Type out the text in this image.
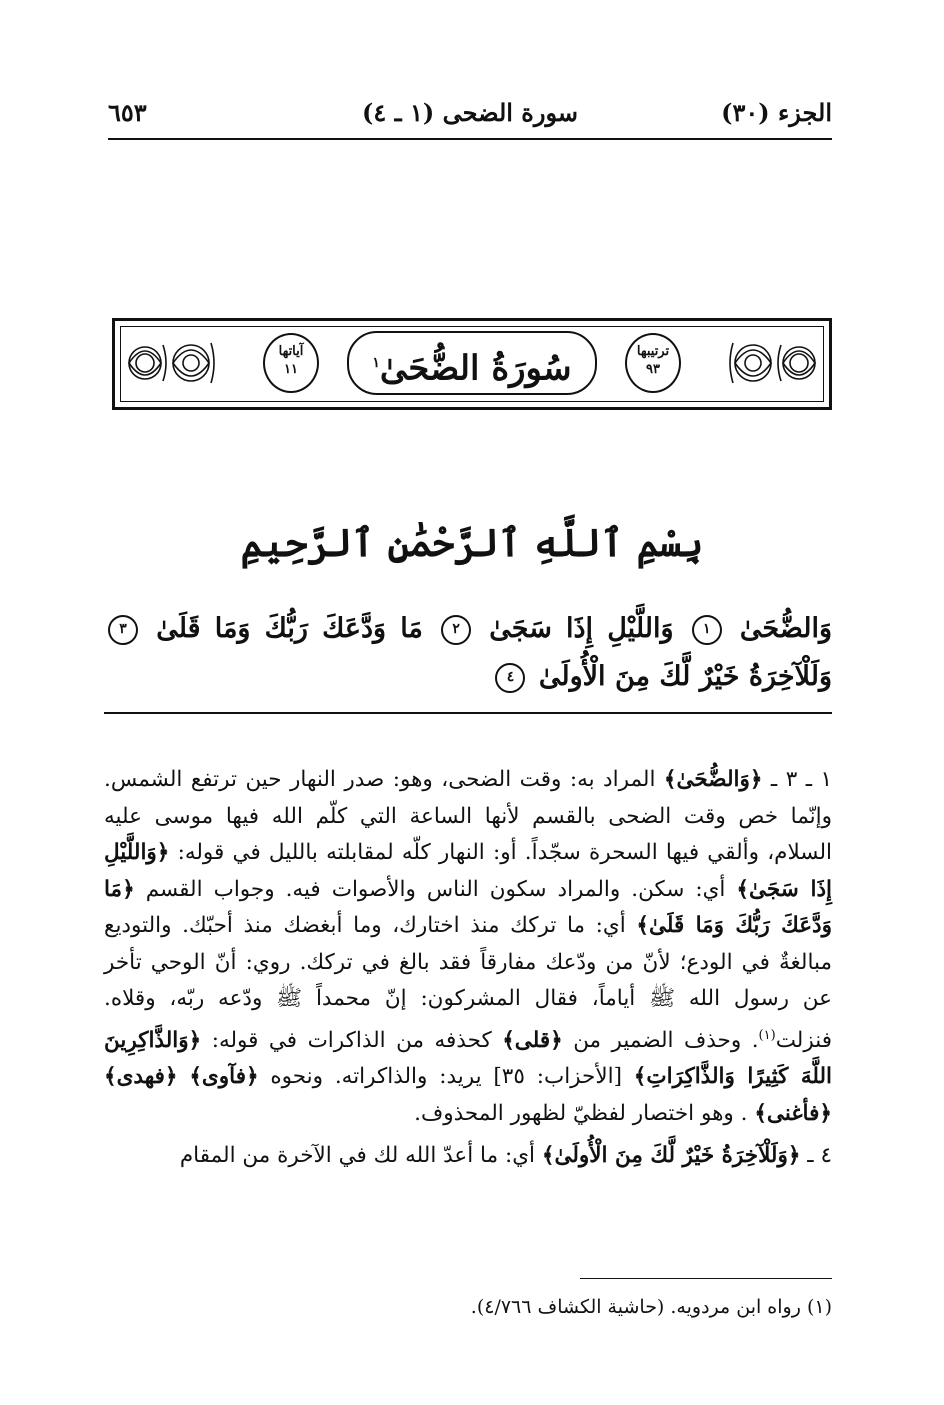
الجزء (٣٠)
سورة الضحى (١ ـ ٤)
٦٥٣
آياتها
١١	سُورَةُ الضُّحَىٰ$^١$
ترتيبها
٩٣
بِسْمِ ٱللَّهِ ٱلرَّحْمَٰنِ ٱلرَّحِيمِ
وَالضُّحَىٰ ١ وَاللَّيْلِ إِذَا سَجَىٰ ٢ مَا وَدَّعَكَ رَبُّكَ وَمَا قَلَىٰ ٣ وَلَلْآخِرَةُ خَيْرٌ لَّكَ مِنَ الْأُولَىٰ ٤

١ ـ ٣ ـ ﴿وَالضُّحَىٰ﴾ المراد به: وقت الضحى، وهو: صدر النهار حين ترتفع الشمس. وإنّما خص وقت الضحى بالقسم لأنها الساعة التي كلّم الله فيها موسى عليه السلام، وألقي فيها السحرة سجّداً. أو: النهار كلّه لمقابلته بالليل في قوله: ﴿وَاللَّيْلِ إِذَا سَجَىٰ﴾ أي: سكن. والمراد سكون الناس والأصوات فيه. وجواب القسم ﴿مَا وَدَّعَكَ رَبُّكَ وَمَا قَلَىٰ﴾ أي: ما تركك منذ اختارك، وما أبغضك منذ أحبّك. والتوديع مبالغةٌ في الودع؛ لأنّ من ودّعك مفارقاً فقد بالغ في تركك. روي: أنّ الوحي تأخر عن رسول الله ﷺ أياماً، فقال المشركون: إنّ محمداً ﷺ ودّعه ربّه، وقلاه. فنزلت$^{(١)}$. وحذف الضمير من ﴿قلى﴾ كحذفه من الذاكرات في قوله: ﴿وَالذَّاكِرِينَ اللَّهَ كَثِيرًا وَالذَّاكِرَاتِ﴾ [الأحزاب: ٣٥] يريد: والذاكراته. ونحوه ﴿فآوى﴾ ﴿فهدى﴾ ﴿فأغنى﴾ . وهو اختصار لفظيّ لظهور المحذوف.

٤ ـ ﴿وَلَلْآخِرَةُ خَيْرٌ لَّكَ مِنَ الْأُولَىٰ﴾ أي: ما أعدّ الله لك في الآخرة من المقام

(١) رواه ابن مردويه. (حاشية الكشاف ٤/٧٦٦).
